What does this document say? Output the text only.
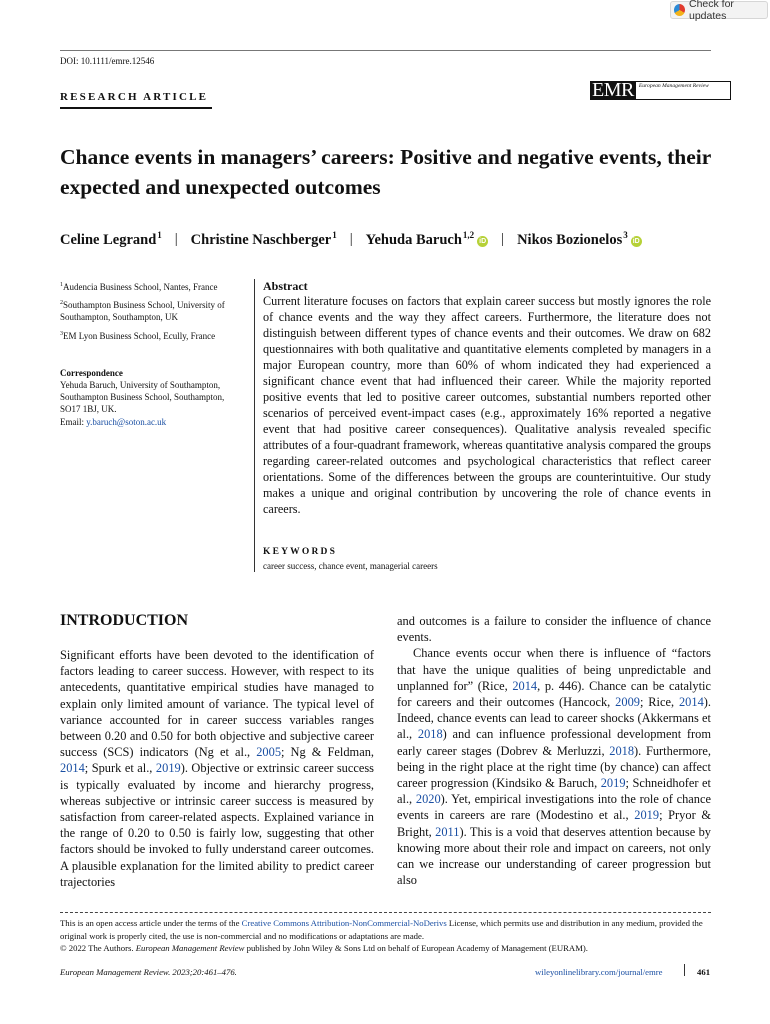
Check for updates
DOI: 10.1111/emre.12546
RESEARCH ARTICLE	EMR European Management Review
Chance events in managers’ careers: Positive and negative events, their expected and unexpected outcomes
Celine Legrand$^1$ | Christine Naschberger$^1$ | Yehuda Baruch$^{1,2}$iD | Nikos Bozionelos$^3$iD
$^1$Audencia Business School, Nantes, France
$^2$Southampton Business School, University of Southampton, Southampton, UK
$^3$EM Lyon Business School, Ecully, France
Correspondence
Yehuda Baruch, University of Southampton, Southampton Business School, Southampton, SO17 1BJ, UK.
Email: y.baruch@soton.ac.uk
Abstract
Current literature focuses on factors that explain career success but mostly ignores the role of chance events and the way they affect careers. Furthermore, the literature does not distinguish between different types of chance events and their outcomes. We draw on 682 questionnaires with both qualitative and quantitative elements completed by managers in a major European country, more than 60% of whom indicated they had experienced a significant chance event that had influenced their career. While the majority reported positive events that led to positive career outcomes, substantial numbers reported other scenarios of perceived event-impact cases (e.g., approximately 16% reported a negative event that had positive career consequences). Qualitative analysis revealed specific attributes of a four-quadrant framework, whereas quantitative analysis compared the groups regarding career-related outcomes and psychological characteristics that reflect career orientations. Some of the differences between the groups are counterintuitive. Our study makes a unique and original contribution by uncovering the role of chance events in careers.
KEYWORDS
career success, chance event, managerial careers
INTRODUCTION
Significant efforts have been devoted to the identification of factors leading to career success. However, with respect to its antecedents, quantitative empirical studies have managed to explain only limited amount of variance. The typical level of variance accounted for in career success variables ranges between 0.20 and 0.50 for both objective and subjective career success (SCS) indicators (Ng et al., 2005; Ng & Feldman, 2014; Spurk et al., 2019). Objective or extrinsic career success is typically evaluated by income and hierarchy progress, whereas subjective or intrinsic career success is measured by satisfaction from career-related aspects. Explained variance in the range of 0.20 to 0.50 is fairly low, suggesting that other factors should be invoked to fully understand career outcomes. A plausible explanation for the limited ability to predict career trajectories
and outcomes is a failure to consider the influence of chance events.
Chance events occur when there is influence of “factors that have the unique qualities of being unpredictable and unplanned for” (Rice, 2014, p. 446). Chance can be catalytic for careers and their outcomes (Hancock, 2009; Rice, 2014). Indeed, chance events can lead to career shocks (Akkermans et al., 2018) and can influence professional development from early career stages (Dobrev & Merluzzi, 2018). Furthermore, being in the right place at the right time (by chance) can affect career progression (Kindsiko & Baruch, 2019; Schneidhofer et al., 2020). Yet, empirical investigations into the role of chance events in careers are rare (Modestino et al., 2019; Pryor & Bright, 2011). This is a void that deserves attention because by knowing more about their role and impact on careers, not only can we increase our understanding of career progression but also
This is an open access article under the terms of the Creative Commons Attribution-NonCommercial-NoDerivs License, which permits use and distribution in any medium, provided the original work is properly cited, the use is non-commercial and no modifications or adaptations are made.
© 2022 The Authors. European Management Review published by John Wiley & Sons Ltd on behalf of European Academy of Management (EURAM).
European Management Review. 2023;20:461–476.	wileyonlinelibrary.com/journal/emre	461
